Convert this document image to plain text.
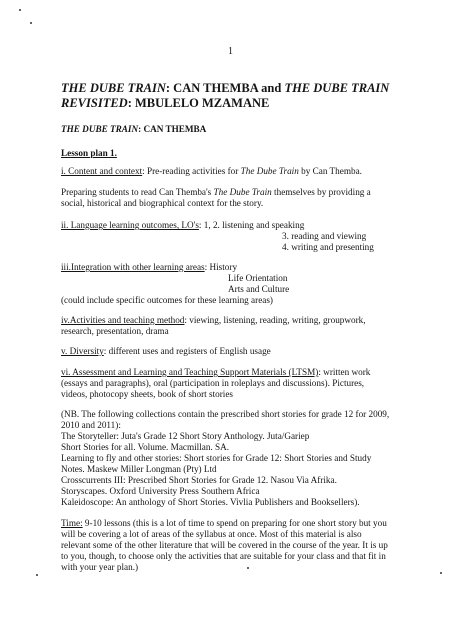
1
THE DUBE TRAIN: CAN THEMBA and THE DUBE TRAIN
REVISITED: MBULELO MZAMANE
THE DUBE TRAIN: CAN THEMBA
Lesson plan 1.
i. Content and context: Pre-reading activities for The Dube Train by Can Themba.
Preparing students to read Can Themba's The Dube Train themselves by providing a
social, historical and biographical context for the story.
ii. Language learning outcomes, LO's: 1, 2. listening and speaking
3. reading and viewing
4. writing and presenting
iii.Integration with other learning areas: History
Life Orientation
Arts and Culture
(could include specific outcomes for these learning areas)
iv.Activities and teaching method: viewing, listening, reading, writing, groupwork,
research, presentation, drama
v. Diversity: different uses and registers of English usage
vi. Assessment and Learning and Teaching Support Materials (LTSM): written work
(essays and paragraphs), oral (participation in roleplays and discussions). Pictures,
videos, photocopy sheets, book of short stories
(NB. The following collections contain the prescribed short stories for grade 12 for 2009,
2010 and 2011):
The Storyteller: Juta's Grade 12 Short Story Anthology. Juta/Gariep
Short Stories for all. Volume. Macmillan. SA.
Learning to fly and other stories: Short stories for Grade 12: Short Stories and Study
Notes. Maskew Miller Longman (Pty) Ltd
Crosscurrents III: Prescribed Short Stories for Grade 12. Nasou Via Afrika.
Storyscapes. Oxford University Press Southern Africa
Kaleidoscope: An anthology of Short Stories. Vivlia Publishers and Booksellers).
Time: 9-10 lessons (this is a lot of time to spend on preparing for one short story but you
will be covering a lot of areas of the syllabus at once. Most of this material is also
relevant some of the other literature that will be covered in the course of the year. It is up
to you, though, to choose only the activities that are suitable for your class and that fit in
with your year plan.)
